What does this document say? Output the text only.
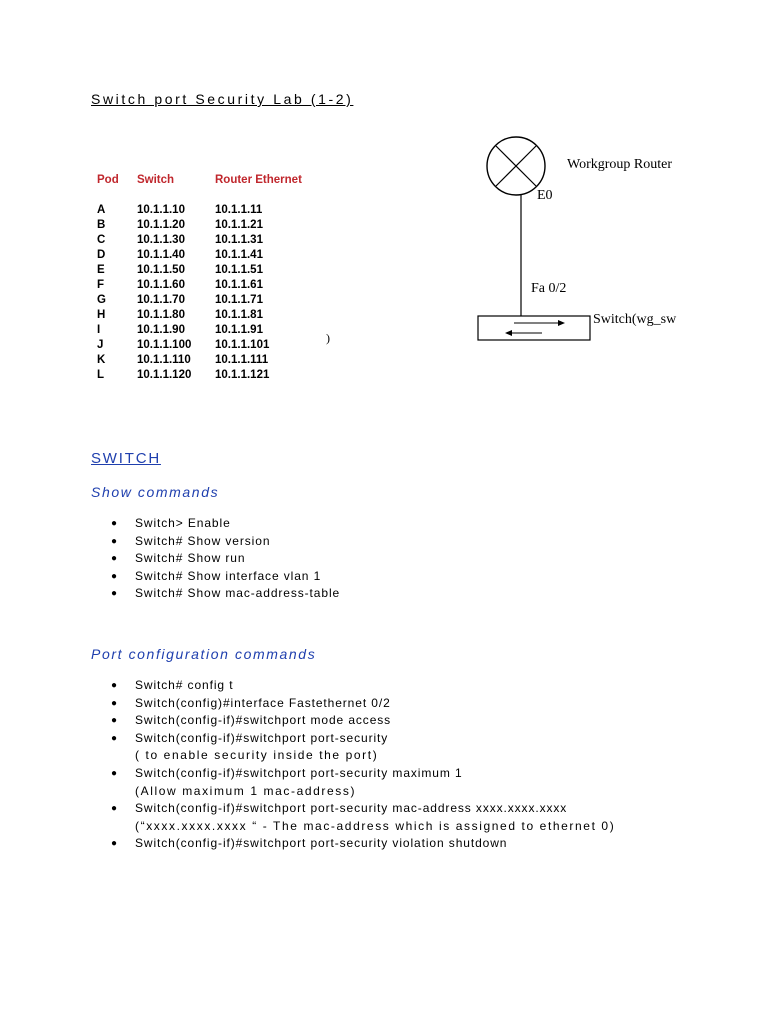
Switch port Security Lab (1-2)
Pod	Switch	Router Ethernet

A	10.1.1.10	10.1.1.11
B	10.1.1.20	10.1.1.21
C	10.1.1.30	10.1.1.31
D	10.1.1.40	10.1.1.41
E	10.1.1.50	10.1.1.51
F	10.1.1.60	10.1.1.61
G	10.1.1.70	10.1.1.71
H	10.1.1.80	10.1.1.81
I	10.1.1.90	10.1.1.91
J	10.1.1.100	10.1.1.101
K	10.1.1.110	10.1.1.111
L	10.1.1.120	10.1.1.121
)
Workgroup Router
E0
Fa 0/2
Switch(wg_sw
SWITCH
Show commands
● Switch> Enable
● Switch# Show version
● Switch# Show run
● Switch# Show interface vlan 1
● Switch# Show mac-address-table
Port configuration commands
● Switch# config t
● Switch(config)#interface Fastethernet 0/2
● Switch(config-if)#switchport mode access
● Switch(config-if)#switchport port-security
( to enable security inside the port)
● Switch(config-if)#switchport port-security maximum 1
(Allow maximum 1 mac-address)
● Switch(config-if)#switchport port-security mac-address xxxx.xxxx.xxxx
(“xxxx.xxxx.xxxx “ - The mac-address which is assigned to ethernet 0)
● Switch(config-if)#switchport port-security violation shutdown
